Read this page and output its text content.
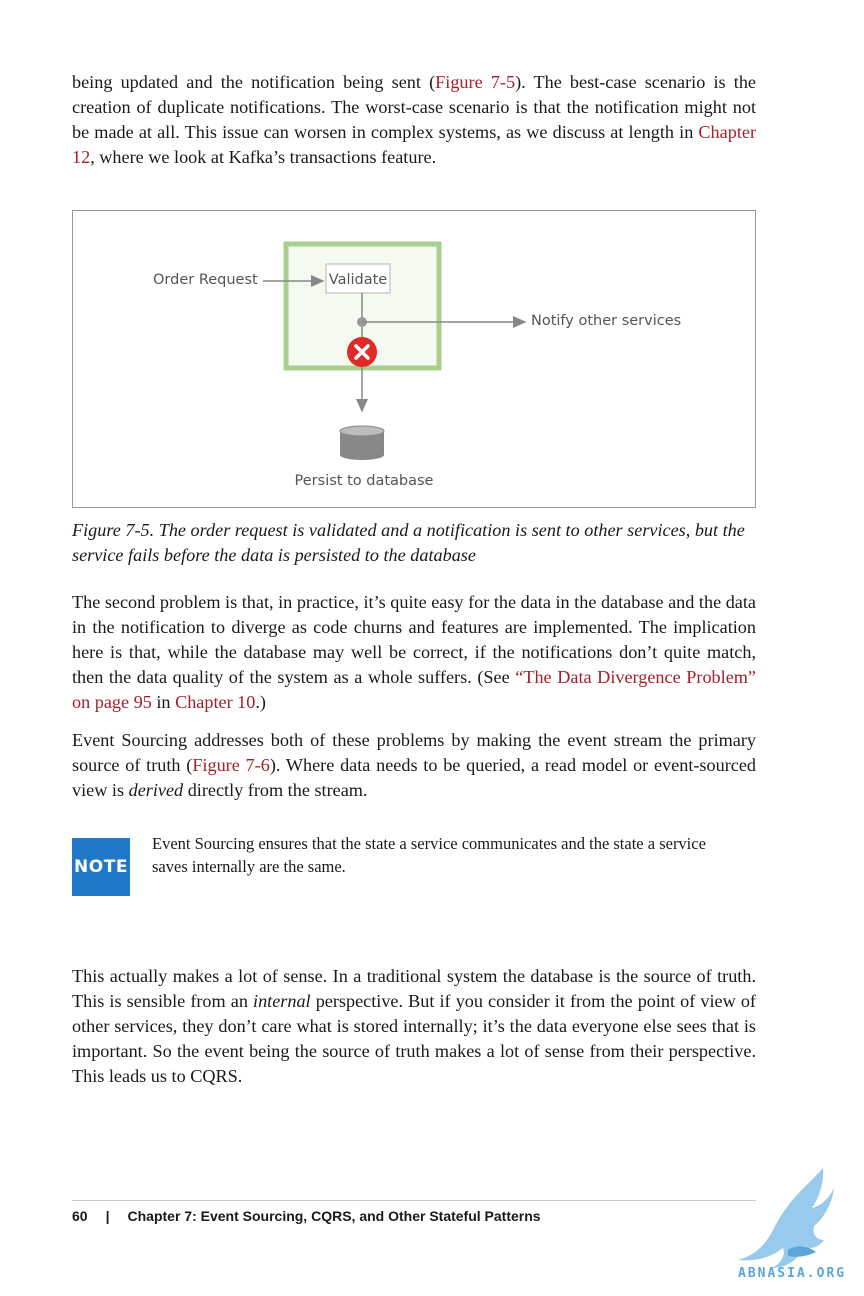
being updated and the notification being sent (Figure 7-5). The best-case scenario is the creation of duplicate notifications. The worst-case scenario is that the notification might not be made at all. This issue can worsen in complex systems, as we discuss at length in Chapter 12, where we look at Kafka’s transactions feature.

Validate
Order Request
Notify other services
Persist to database

Figure 7-5. The order request is validated and a notification is sent to other services, but the service fails before the data is persisted to the database

The second problem is that, in practice, it’s quite easy for the data in the database and the data in the notification to diverge as code churns and features are implemented. The implication here is that, while the database may well be correct, if the notifications don’t quite match, then the data quality of the system as a whole suffers. (See “The Data Divergence Problem” on page 95 in Chapter 10.)

Event Sourcing addresses both of these problems by making the event stream the primary source of truth (Figure 7-6). Where data needs to be queried, a read model or event-sourced view is derived directly from the stream.

NOTE

Event Sourcing ensures that the state a service communicates and the state a service saves internally are the same.

This actually makes a lot of sense. In a traditional system the database is the source of truth. This is sensible from an internal perspective. But if you consider it from the point of view of other services, they don’t care what is stored internally; it’s the data everyone else sees that is important. So the event being the source of truth makes a lot of sense from their perspective. This leads us to CQRS.

60 | Chapter 7: Event Sourcing, CQRS, and Other Stateful Patterns
ABNASIA.ORG
